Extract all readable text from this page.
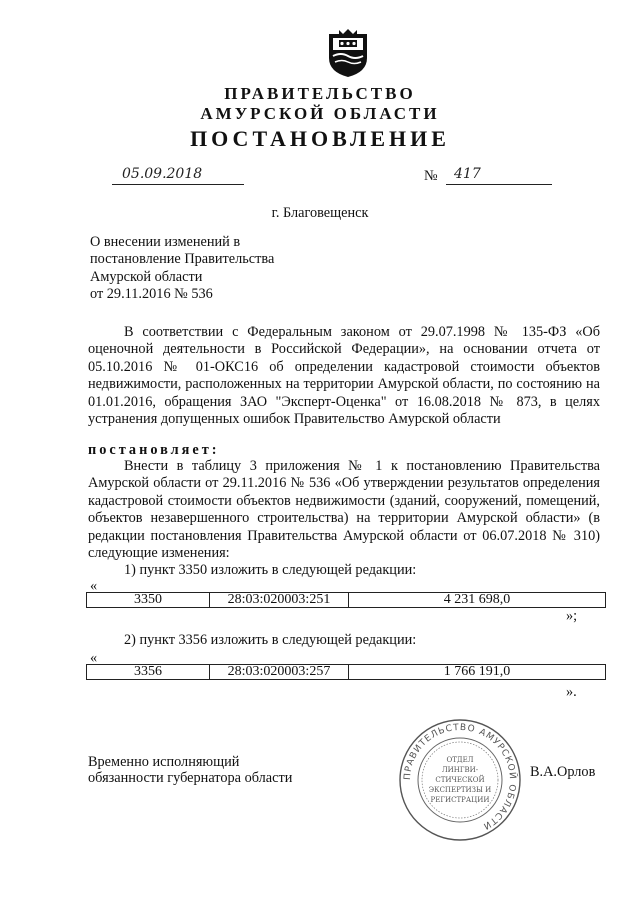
ПРАВИТЕЛЬСТВО
АМУРСКОЙ ОБЛАСТИ
ПОСТАНОВЛЕНИЕ
05.09.2018	№ 417
г. Благовещенск
О внесении изменений в
постановление Правительства
Амурской области
от 29.11.2016 № 536
В соответствии с Федеральным законом от 29.07.1998 № 135-ФЗ «Об оценочной деятельности в Российской Федерации», на основании отчета от 05.10.2016 № 01-ОКС16 об определении кадастровой стоимости объектов недвижимости, расположенных на территории Амурской области, по состоянию на 01.01.2016, обращения ЗАО "Эксперт-Оценка" от 16.08.2018 № 873, в целях устранения допущенных ошибок Правительство Амурской области
постановляет:
Внести в таблицу 3 приложения № 1 к постановлению Правительства Амурской области от 29.11.2016 № 536 «Об утверждении результатов определения кадастровой стоимости объектов недвижимости (зданий, сооружений, помещений, объектов незавершенного строительства) на территории Амурской области» (в редакции постановления Правительства Амурской области от 06.07.2018 № 310) следующие изменения:
1) пункт 3350 изложить в следующей редакции:
«
3350	28:03:020003:251	4 231 698,0
»;
2) пункт 3356 изложить в следующей редакции:
«
3356	28:03:020003:257	1 766 191,0
».
Временно исполняющий
обязанности губернатора области	В.А.Орлов
ПРАВИТЕЛЬСТВО АМУРСКОЙ ОБЛАСТИ
ОТДЕЛ
ЛИНГВИ-
СТИЧЕСКОЙ
ЭКСПЕРТИЗЫ И
РЕГИСТРАЦИИ
